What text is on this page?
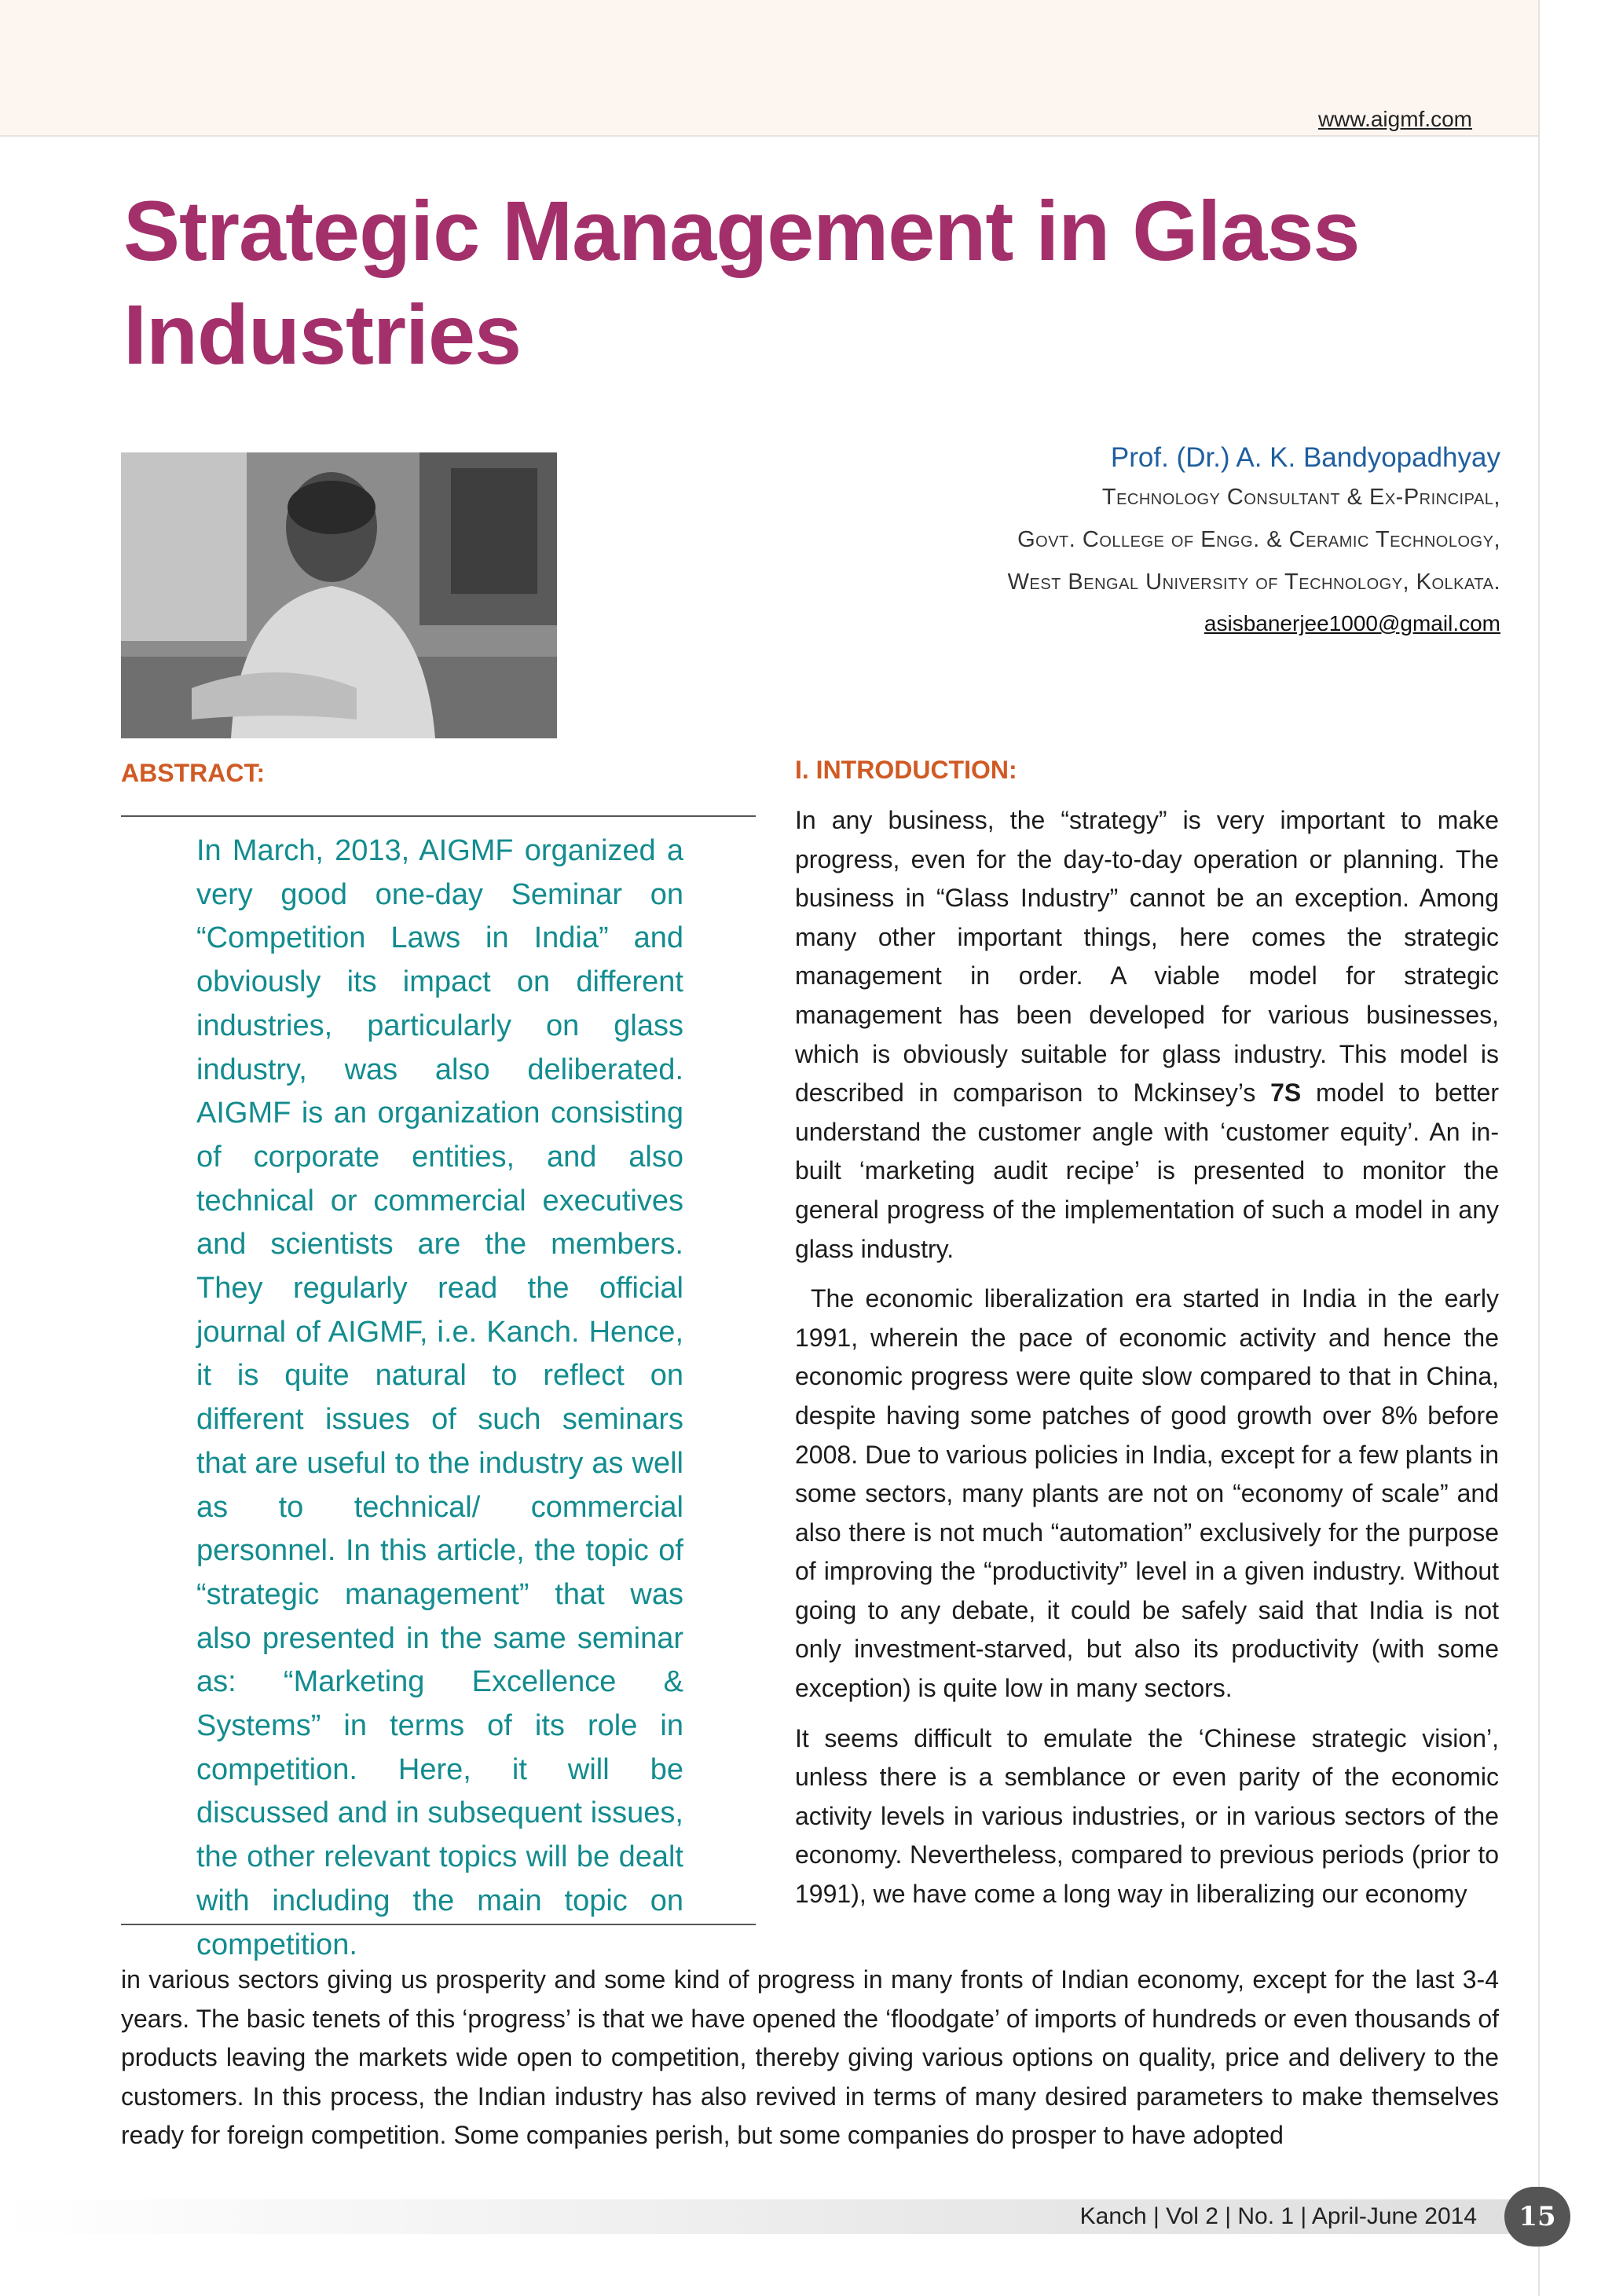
www.aigmf.com
Strategic Management in Glass Industries
Prof. (Dr.) A. K. Bandyopadhyay
Technology Consultant & Ex-Principal,
Govt. College of Engg. & Ceramic Technology,
West Bengal University of Technology, Kolkata.
asisbanerjee1000@gmail.com
ABSTRACT:

In March, 2013, AIGMF organized a very good one-day Seminar on “Competition Laws in India” and obviously its impact on different industries, particularly on glass industry, was also deliberated. AIGMF is an organization consisting of corporate entities, and also technical or commercial executives and scientists are the members. They regularly read the official journal of AIGMF, i.e. Kanch. Hence, it is quite natural to reflect on different issues of such seminars that are useful to the industry as well as to technical/ commercial personnel. In this article, the topic of “strategic management” that was also presented in the same seminar as: “Marketing Excellence & Systems” in terms of its role in competition. Here, it will be discussed and in subsequent issues, the other relevant topics will be dealt with including the main topic on competition.

I. INTRODUCTION:

In any business, the “strategy” is very important to make progress, even for the day-to-day operation or planning. The business in “Glass Industry” cannot be an exception. Among many other important things, here comes the strategic management in order. A viable model for strategic management has been developed for various businesses, which is obviously suitable for glass industry. This model is described in comparison to Mckinsey’s 7S model to better understand the customer angle with ‘customer equity’. An in-built ‘marketing audit recipe’ is presented to monitor the general progress of the implementation of such a model in any glass industry.

The economic liberalization era started in India in the early 1991, wherein the pace of economic activity and hence the economic progress were quite slow compared to that in China, despite having some patches of good growth over 8% before 2008. Due to various policies in India, except for a few plants in some sectors, many plants are not on “economy of scale” and also there is not much “automation” exclusively for the purpose of improving the “productivity” level in a given industry. Without going to any debate, it could be safely said that India is not only investment-starved, but also its productivity (with some exception) is quite low in many sectors.

It seems difficult to emulate the ‘Chinese strategic vision’, unless there is a semblance or even parity of the economic activity levels in various industries, or in various sectors of the economy. Nevertheless, compared to previous periods (prior to 1991), we have come a long way in liberalizing our economy

in various sectors giving us prosperity and some kind of progress in many fronts of Indian economy, except for the last 3-4 years. The basic tenets of this ‘progress’ is that we have opened the ‘floodgate’ of imports of hundreds or even thousands of products leaving the markets wide open to competition, thereby giving various options on quality, price and delivery to the customers. In this process, the Indian industry has also revived in terms of many desired parameters to make themselves ready for foreign competition. Some companies perish, but some companies do prosper to have adopted

Kanch | Vol 2 | No. 1 | April-June 2014	15
